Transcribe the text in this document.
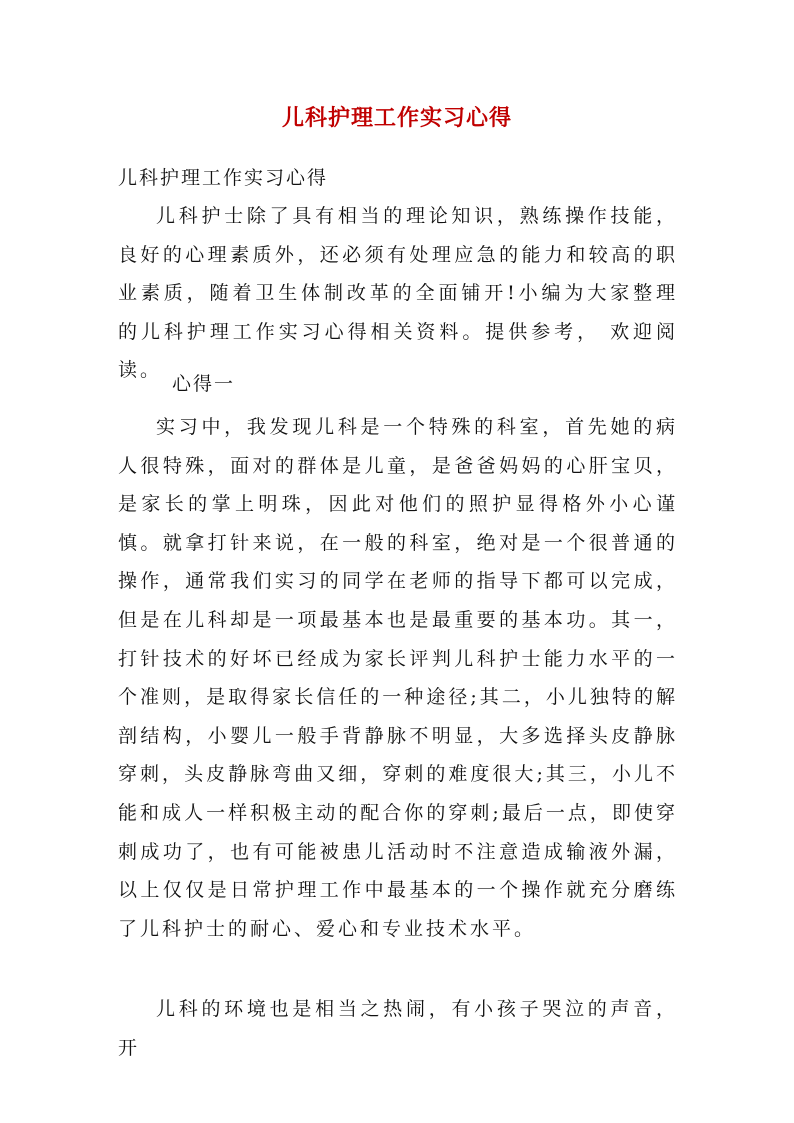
儿科护理工作实习心得
儿科护理工作实习心得
儿科护士除了具有相当的理论知识，熟练操作技能，良好的心理素质外，还必须有处理应急的能力和较高的职业素质，随着卫生体制改革的全面铺开!小编为大家整理的儿科护理工作实习心得相关资料。提供参考， 欢迎阅读。
心得一
实习中，我发现儿科是一个特殊的科室，首先她的病人很特殊，面对的群体是儿童，是爸爸妈妈的心肝宝贝，是家长的掌上明珠，因此对他们的照护显得格外小心谨慎。就拿打针来说，在一般的科室，绝对是一个很普通的操作，通常我们实习的同学在老师的指导下都可以完成，但是在儿科却是一项最基本也是最重要的基本功。其一，打针技术的好坏已经成为家长评判儿科护士能力水平的一个准则，是取得家长信任的一种途径;其二，小儿独特的解剖结构，小婴儿一般手背静脉不明显，大多选择头皮静脉穿刺，头皮静脉弯曲又细，穿刺的难度很大;其三，小儿不能和成人一样积极主动的配合你的穿刺;最后一点，即使穿刺成功了，也有可能被患儿活动时不注意造成输液外漏，以上仅仅是日常护理工作中最基本的一个操作就充分磨练了儿科护士的耐心、爱心和专业技术水平。
儿科的环境也是相当之热闹，有小孩子哭泣的声音，开
